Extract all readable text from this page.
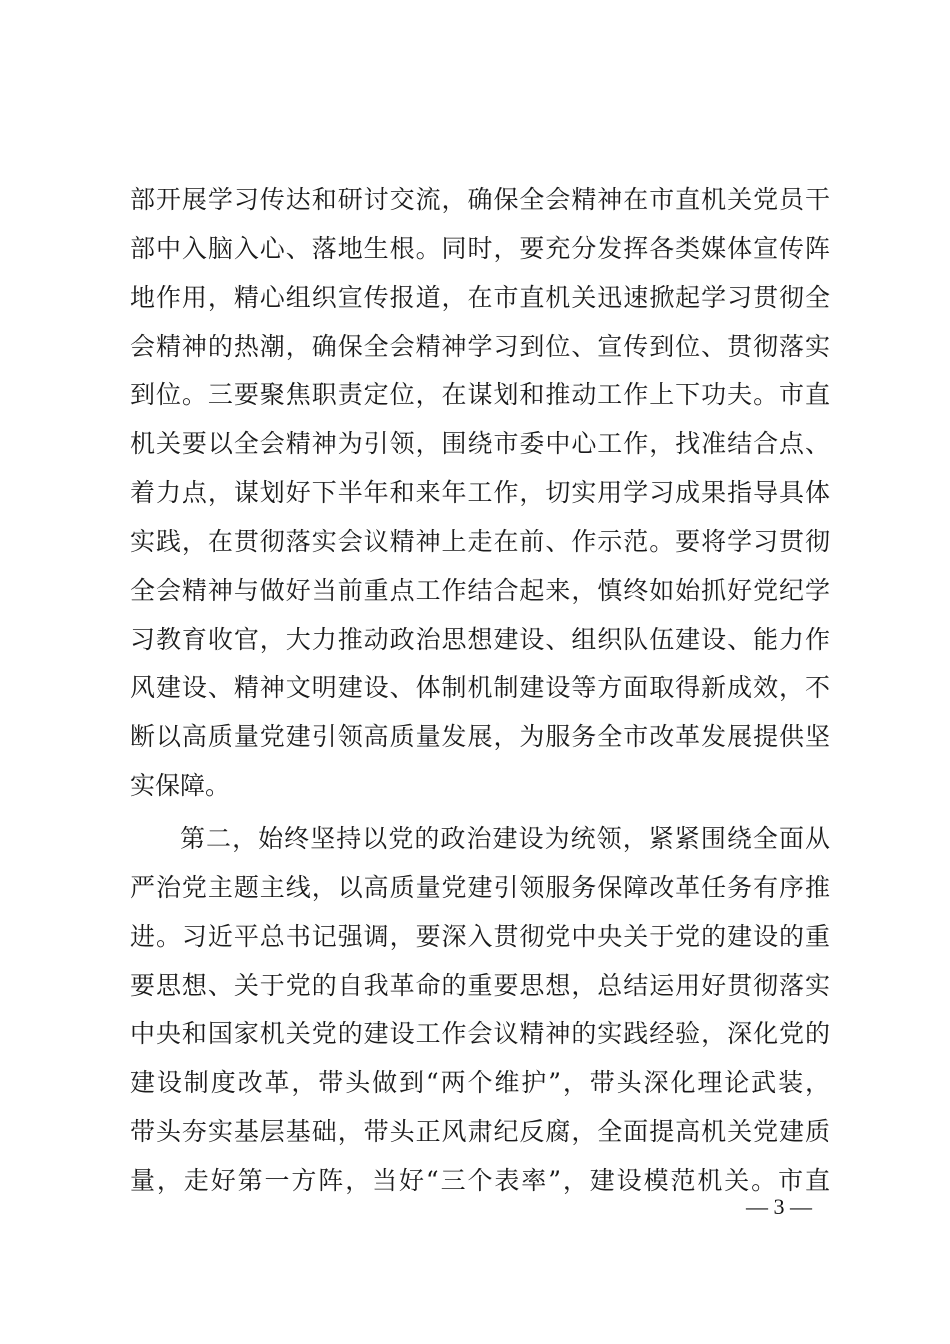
部开展学习传达和研讨交流，确保全会精神在市直机关党员干
部中入脑入心、落地生根。同时，要充分发挥各类媒体宣传阵
地作用，精心组织宣传报道，在市直机关迅速掀起学习贯彻全
会精神的热潮，确保全会精神学习到位、宣传到位、贯彻落实
到位。三要聚焦职责定位，在谋划和推动工作上下功夫。市直
机关要以全会精神为引领，围绕市委中心工作，找准结合点、
着力点，谋划好下半年和来年工作，切实用学习成果指导具体
实践，在贯彻落实会议精神上走在前、作示范。要将学习贯彻
全会精神与做好当前重点工作结合起来，慎终如始抓好党纪学
习教育收官，大力推动政治思想建设、组织队伍建设、能力作
风建设、精神文明建设、体制机制建设等方面取得新成效，不
断以高质量党建引领高质量发展，为服务全市改革发展提供坚
实保障。
第二，始终坚持以党的政治建设为统领，紧紧围绕全面从
严治党主题主线，以高质量党建引领服务保障改革任务有序推
进。习近平总书记强调，要深入贯彻党中央关于党的建设的重
要思想、关于党的自我革命的重要思想，总结运用好贯彻落实
中央和国家机关党的建设工作会议精神的实践经验，深化党的
建设制度改革，带头做到“两个维护”，带头深化理论武装，
带头夯实基层基础，带头正风肃纪反腐，全面提高机关党建质
量，走好第一方阵，当好“三个表率”，建设模范机关。市直
— 3 —
